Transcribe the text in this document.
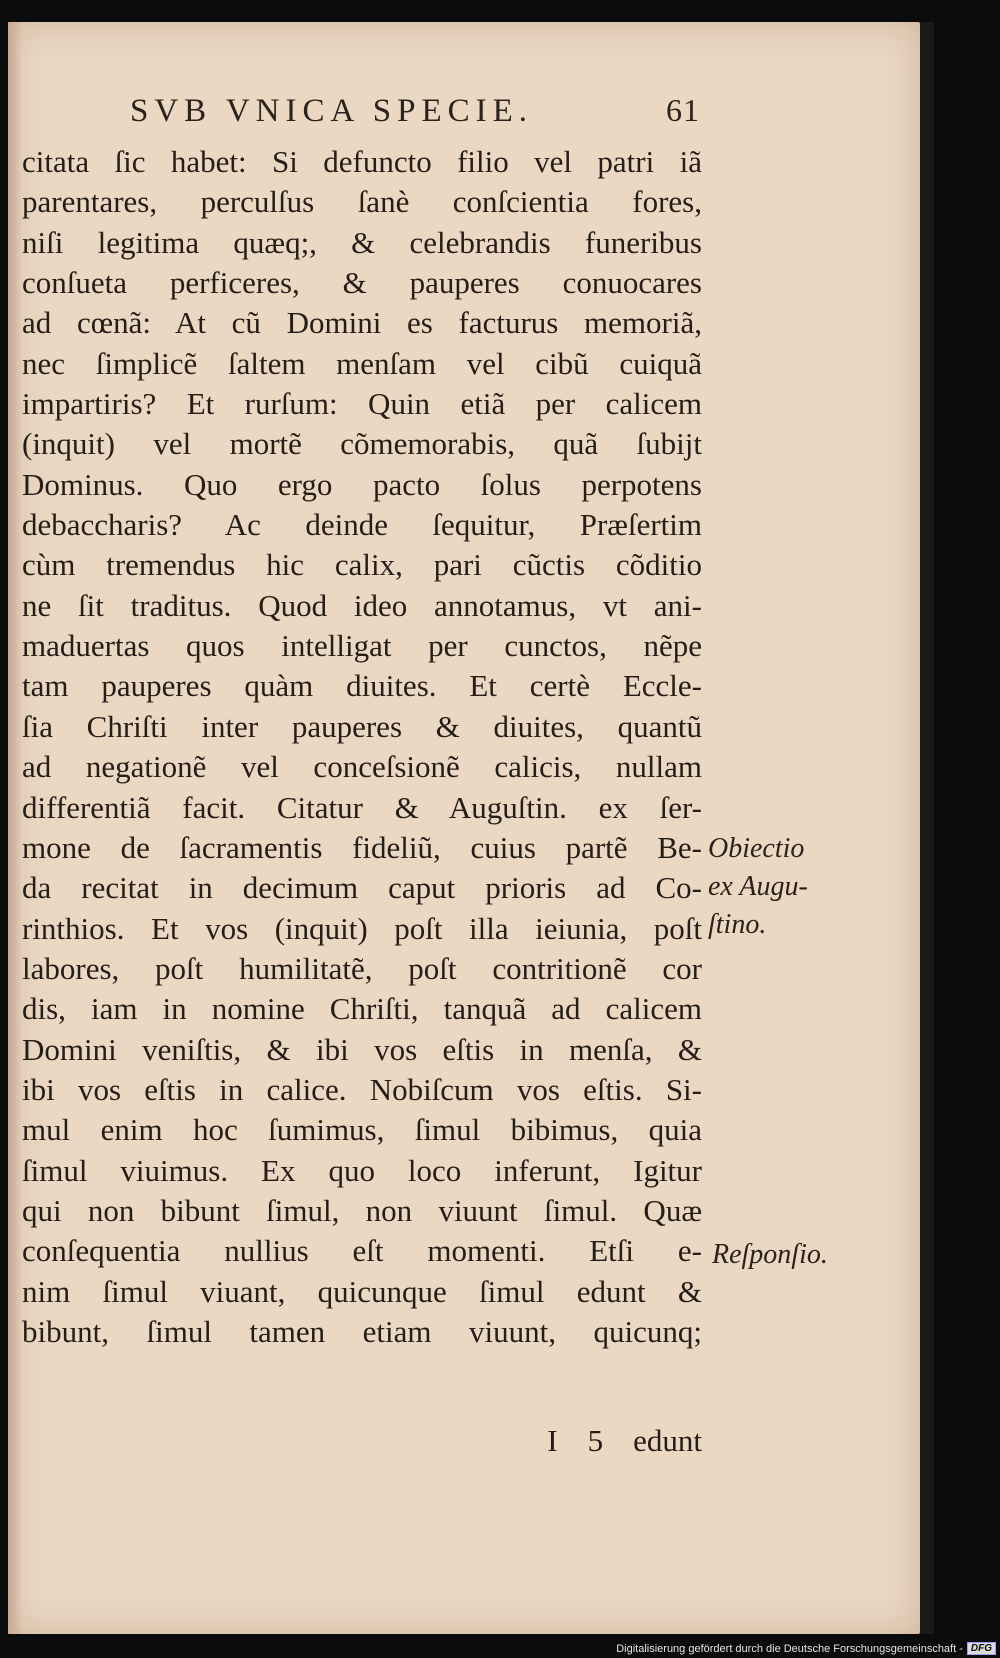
SVB VNICA SPECIE.	61
citata ſic habet: Si defuncto filio vel patri iã
parentares, perculſus ſanè conſcientia fores,
niſi legitima quæq;, & celebrandis funeribus
conſueta perficeres, & pauperes conuocares
ad cœnã: At cũ Domini es facturus memoriã,
nec ſimplicẽ ſaltem menſam vel cibũ cuiquã
impartiris? Et rurſum: Quin etiã per calicem
(inquit) vel mortẽ cõmemorabis, quã ſubijt
Dominus. Quo ergo pacto ſolus perpotens
debaccharis? Ac deinde ſequitur, Præſertim
cùm tremendus hic calix, pari cũctis cõditio
ne ſit traditus. Quod ideo annotamus, vt ani-
maduertas quos intelligat per cunctos, nẽpe
tam pauperes quàm diuites. Et certè Eccle-
ſia Chriſti inter pauperes & diuites, quantũ
ad negationẽ vel conceſsionẽ calicis, nullam
differentiã facit. Citatur & Auguſtin. ex ſer-
mone de ſacramentis fideliũ, cuius partẽ Be-
da recitat in decimum caput prioris ad Co-
rinthios. Et vos (inquit) poſt illa ieiunia, poſt
labores, poſt humilitatẽ, poſt contritionẽ cor
dis, iam in nomine Chriſti, tanquã ad calicem
Domini veniſtis, & ibi vos eſtis in menſa, &
ibi vos eſtis in calice. Nobiſcum vos eſtis. Si-
mul enim hoc ſumimus, ſimul bibimus, quia
ſimul viuimus. Ex quo loco inferunt, Igitur
qui non bibunt ſimul, non viuunt ſimul. Quæ
conſequentia nullius eſt momenti. Etſi e-
nim ſimul viuant, quicunque ſimul edunt &
bibunt, ſimul tamen etiam viuunt, quicunq;
I 5 edunt
Obiectio
ex Augu-
ſtino.
Reſponſio.
Digitalisierung gefördert durch die Deutsche Forschungsgemeinschaft - DFG
